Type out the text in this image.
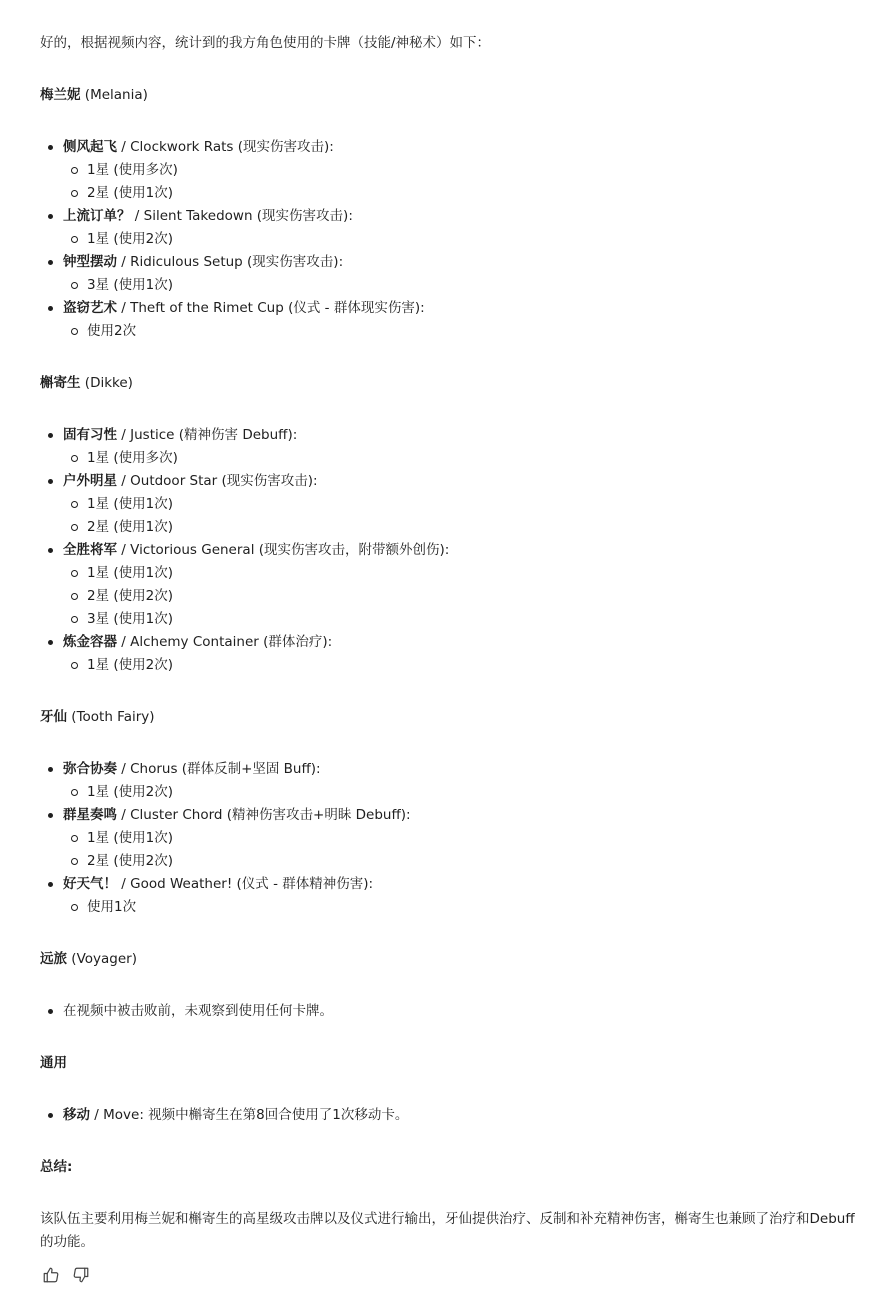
好的，根据视频内容，统计到的我方角色使用的卡牌（技能/神秘术）如下：

梅兰妮 (Melania)

侧风起飞 / Clockwork Rats (现实伤害攻击):
1星 (使用多次)
2星 (使用1次)
上流订单？ / Silent Takedown (现实伤害攻击):
1星 (使用2次)
钟型摆动 / Ridiculous Setup (现实伤害攻击):
3星 (使用1次)
盗窃艺术 / Theft of the Rimet Cup (仪式 - 群体现实伤害):
使用2次

槲寄生 (Dikke)

固有习性 / Justice (精神伤害 Debuff):
1星 (使用多次)
户外明星 / Outdoor Star (现实伤害攻击):
1星 (使用1次)
2星 (使用1次)
全胜将军 / Victorious General (现实伤害攻击，附带额外创伤):
1星 (使用1次)
2星 (使用2次)
3星 (使用1次)
炼金容器 / Alchemy Container (群体治疗):
1星 (使用2次)

牙仙 (Tooth Fairy)

弥合协奏 / Chorus (群体反制+坚固 Buff):
1星 (使用2次)
群星奏鸣 / Cluster Chord (精神伤害攻击+明眛 Debuff):
1星 (使用1次)
2星 (使用2次)
好天气！ / Good Weather! (仪式 - 群体精神伤害):
使用1次

远旅 (Voyager)

在视频中被击败前，未观察到使用任何卡牌。

通用

移动 / Move: 视频中槲寄生在第8回合使用了1次移动卡。

总结:

该队伍主要利用梅兰妮和槲寄生的高星级攻击牌以及仪式进行输出，牙仙提供治疗、反制和补充精神伤害，槲寄生也兼顾了治疗和Debuff的功能。
